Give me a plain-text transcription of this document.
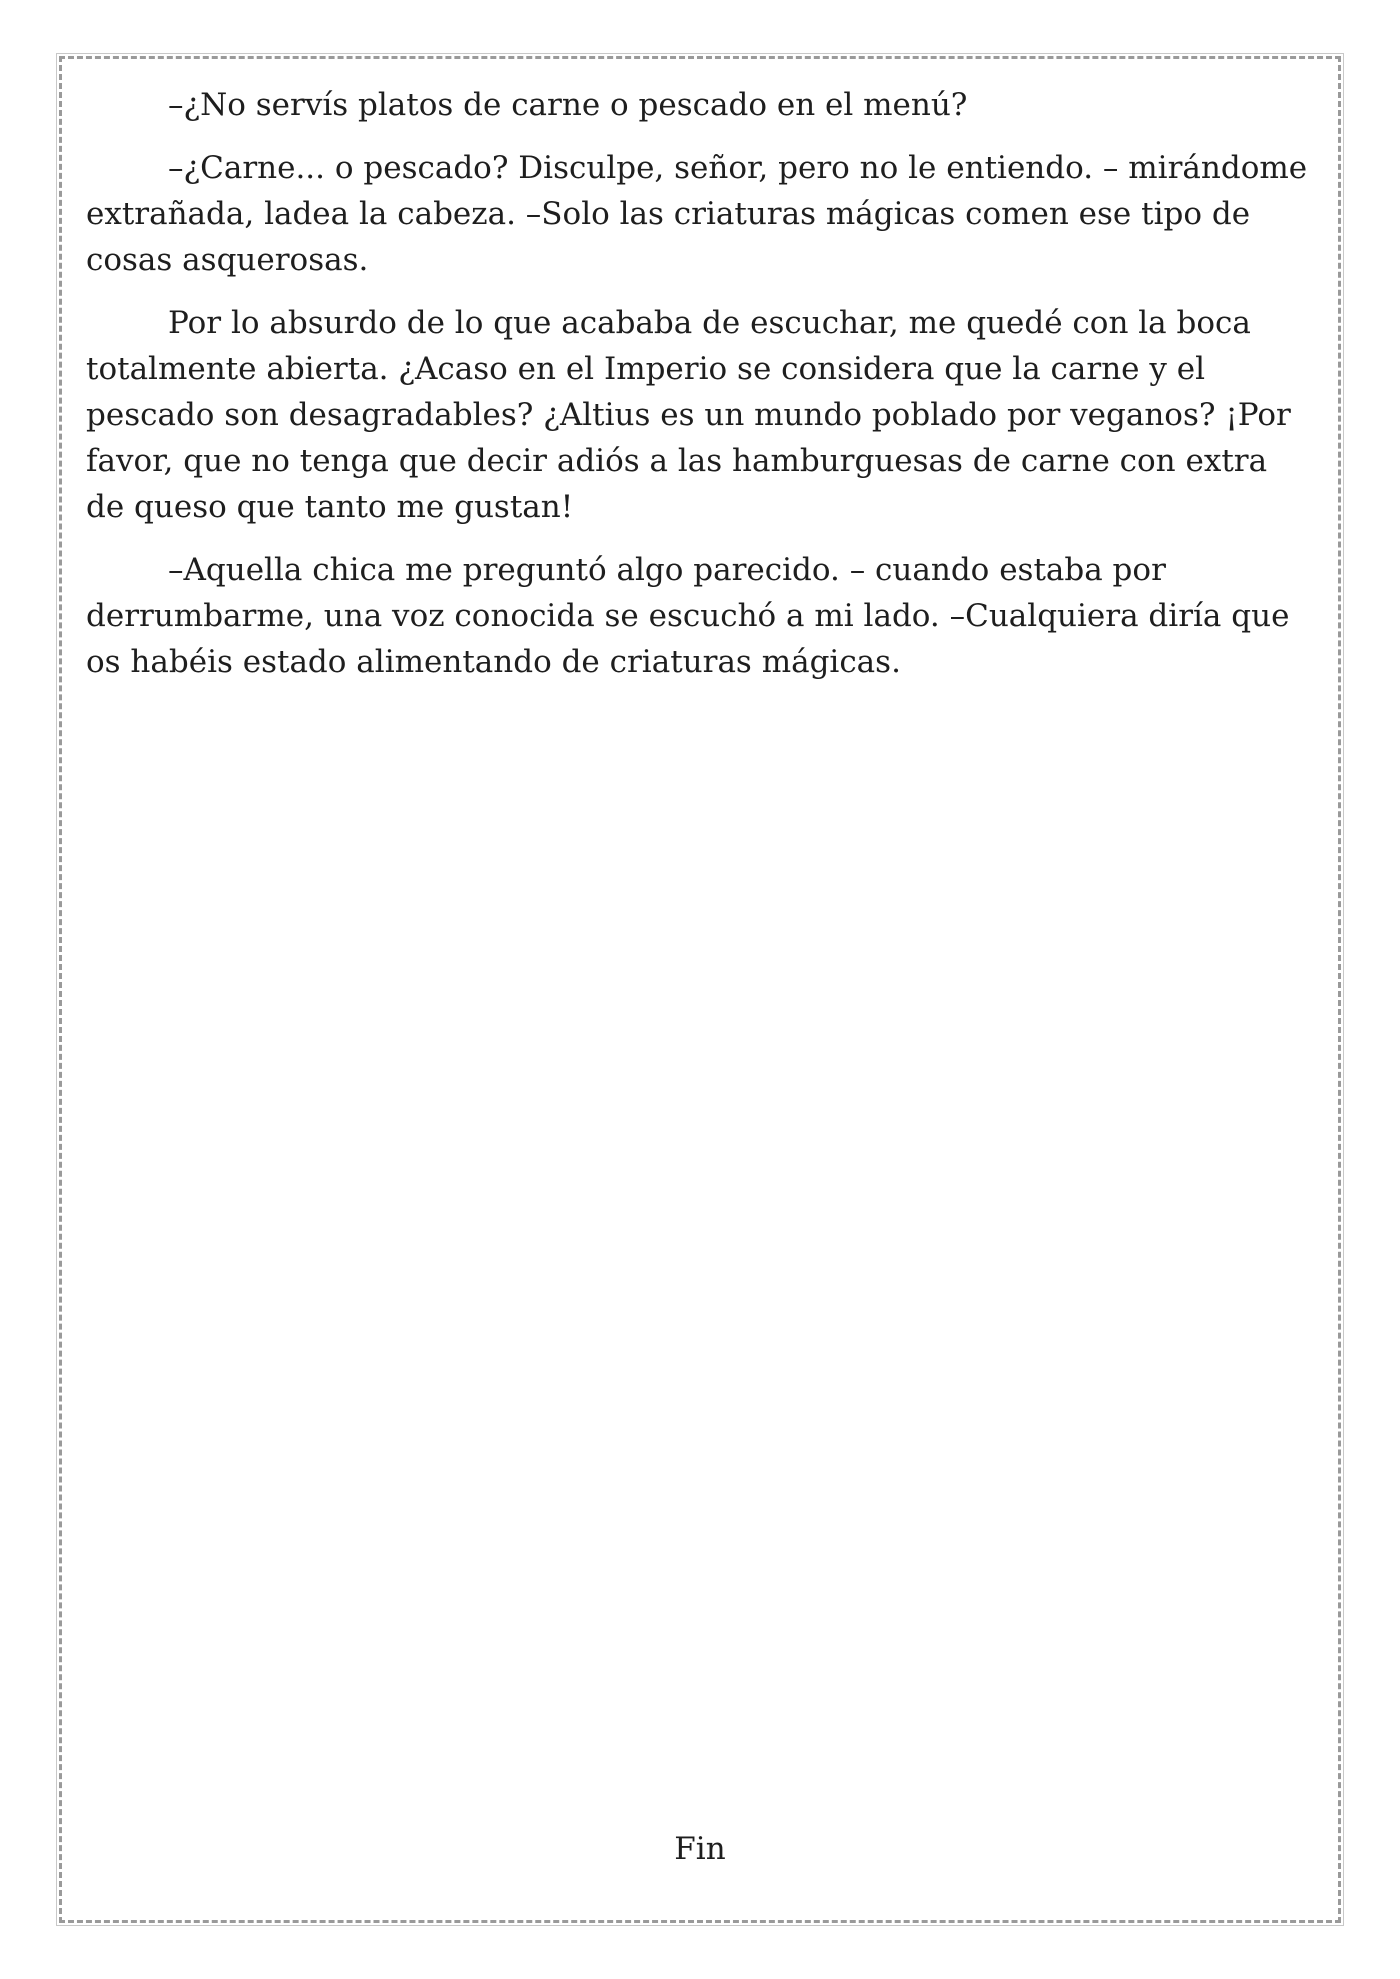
–¿No servís platos de carne o pescado en el menú?

–¿Carne... o pescado? Disculpe, señor, pero no le entiendo. – mirándome extrañada, ladea la cabeza. –Solo las criaturas mágicas comen ese tipo de cosas asquerosas.

Por lo absurdo de lo que acababa de escuchar, me quedé con la boca totalmente abierta. ¿Acaso en el Imperio se considera que la carne y el pescado son desagradables? ¿Altius es un mundo poblado por veganos? ¡Por favor, que no tenga que decir adiós a las hamburguesas de carne con extra de queso que tanto me gustan!

–Aquella chica me preguntó algo parecido. – cuando estaba por derrumbarme, una voz conocida se escuchó a mi lado. –Cualquiera diría que os habéis estado alimentando de criaturas mágicas.

Fin
